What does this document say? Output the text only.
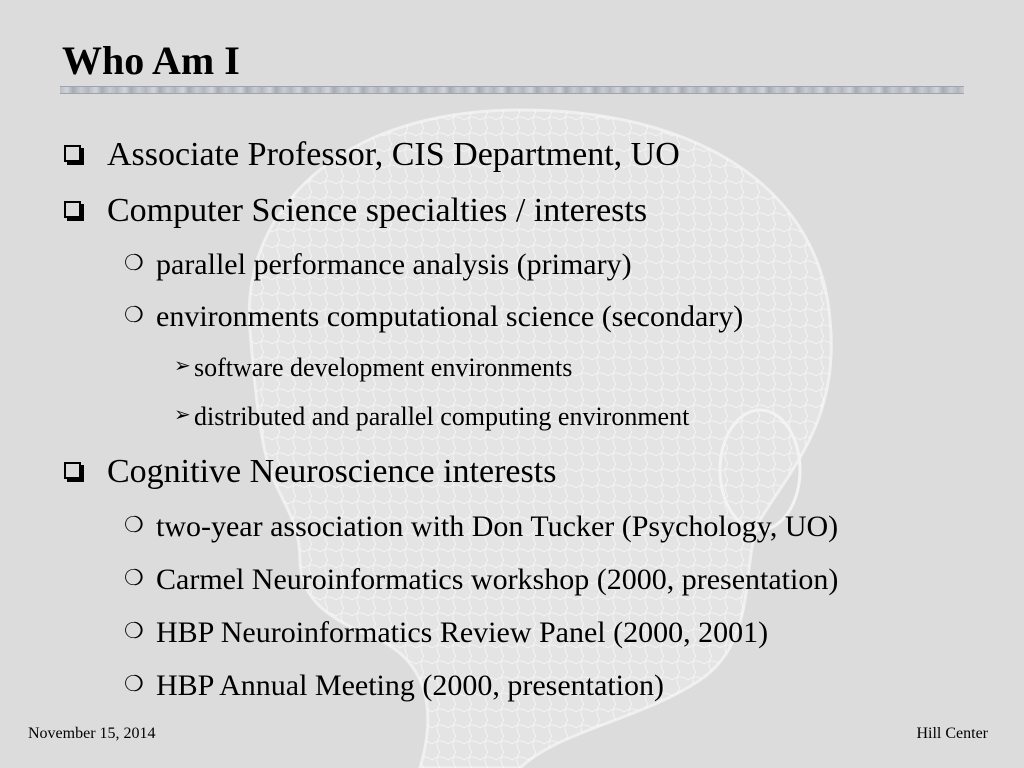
Who Am I
Associate Professor, CIS Department, UO
Computer Science specialties / interests
❍ parallel performance analysis (primary)
❍ environments computational science (secondary)
➢ software development environments
➢ distributed and parallel computing environment
Cognitive Neuroscience interests
❍ two-year association with Don Tucker (Psychology, UO)
❍ Carmel Neuroinformatics workshop (2000, presentation)
❍ HBP Neuroinformatics Review Panel (2000, 2001)
❍ HBP Annual Meeting (2000, presentation)
November 15, 2014	Hill Center
